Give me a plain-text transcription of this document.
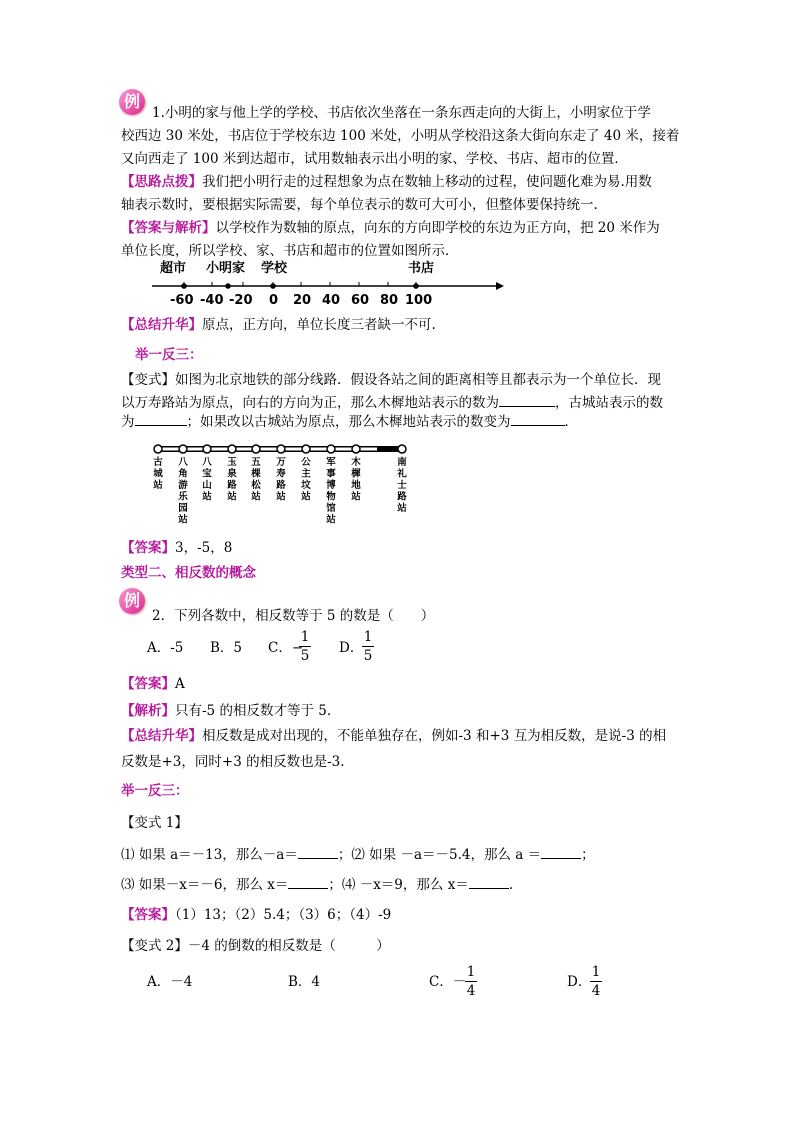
例
1.小明的家与他上学的学校、书店依次坐落在一条东西走向的大街上，小明家位于学
校西边 30 米处，书店位于学校东边 100 米处，小明从学校沿这条大街向东走了 40 米，接着
又向西走了 100 米到达超市，试用数轴表示出小明的家、学校、书店、超市的位置．
【思路点拨】我们把小明行走的过程想象为点在数轴上移动的过程，使问题化难为易.用数
轴表示数时，要根据实际需要，每个单位表示的数可大可小，但整体要保持统一.
【答案与解析】以学校作为数轴的原点，向东的方向即学校的东边为正方向，把 20 米作为
单位长度，所以学校、家、书店和超市的位置如图所示．
超市 小明家 学校	书店
-60 -40 -20 0 20 40 60 80 100
【总结升华】原点，正方向，单位长度三者缺一不可.
举一反三：
【变式】如图为北京地铁的部分线路．假设各站之间的距离相等且都表示为一个单位长．现
以万寿路站为原点，向右的方向为正，那么木樨地站表示的数为	，古城站表示的数
为	；如果改以古城站为原点，那么木樨地站表示的数变为	．
古城站
八角游乐园站
八宝山站
玉泉路站
五棵松站
万寿路站
公主坟站
军事博物馆站
木樨地站
南礼士路站
【答案】3，-5，8
类型二、相反数的概念
例
2．下列各数中，相反数等于 5 的数是（　　）
A．-5 B．5 C．−
1
5 D．
1
5
【答案】A
【解析】只有-5 的相反数才等于 5.
【总结升华】相反数是成对出现的，不能单独存在，例如-3 和+3 互为相反数，是说-3 的相
反数是+3，同时+3 的相反数也是-3.
举一反三：
【变式 1】
⑴ 如果 a＝－13，那么－a＝	；⑵ 如果 －a＝－5.4，那么 a ＝	；
⑶ 如果－x＝－6，那么 x＝	；⑷ －x＝9，那么 x＝	.
【答案】（1）13；（2）5.4；（3）6；（4）-9
【变式 2】－4 的倒数的相反数是（　　　）
A．－4	B．4	C．－
1
4
D．
1
4
